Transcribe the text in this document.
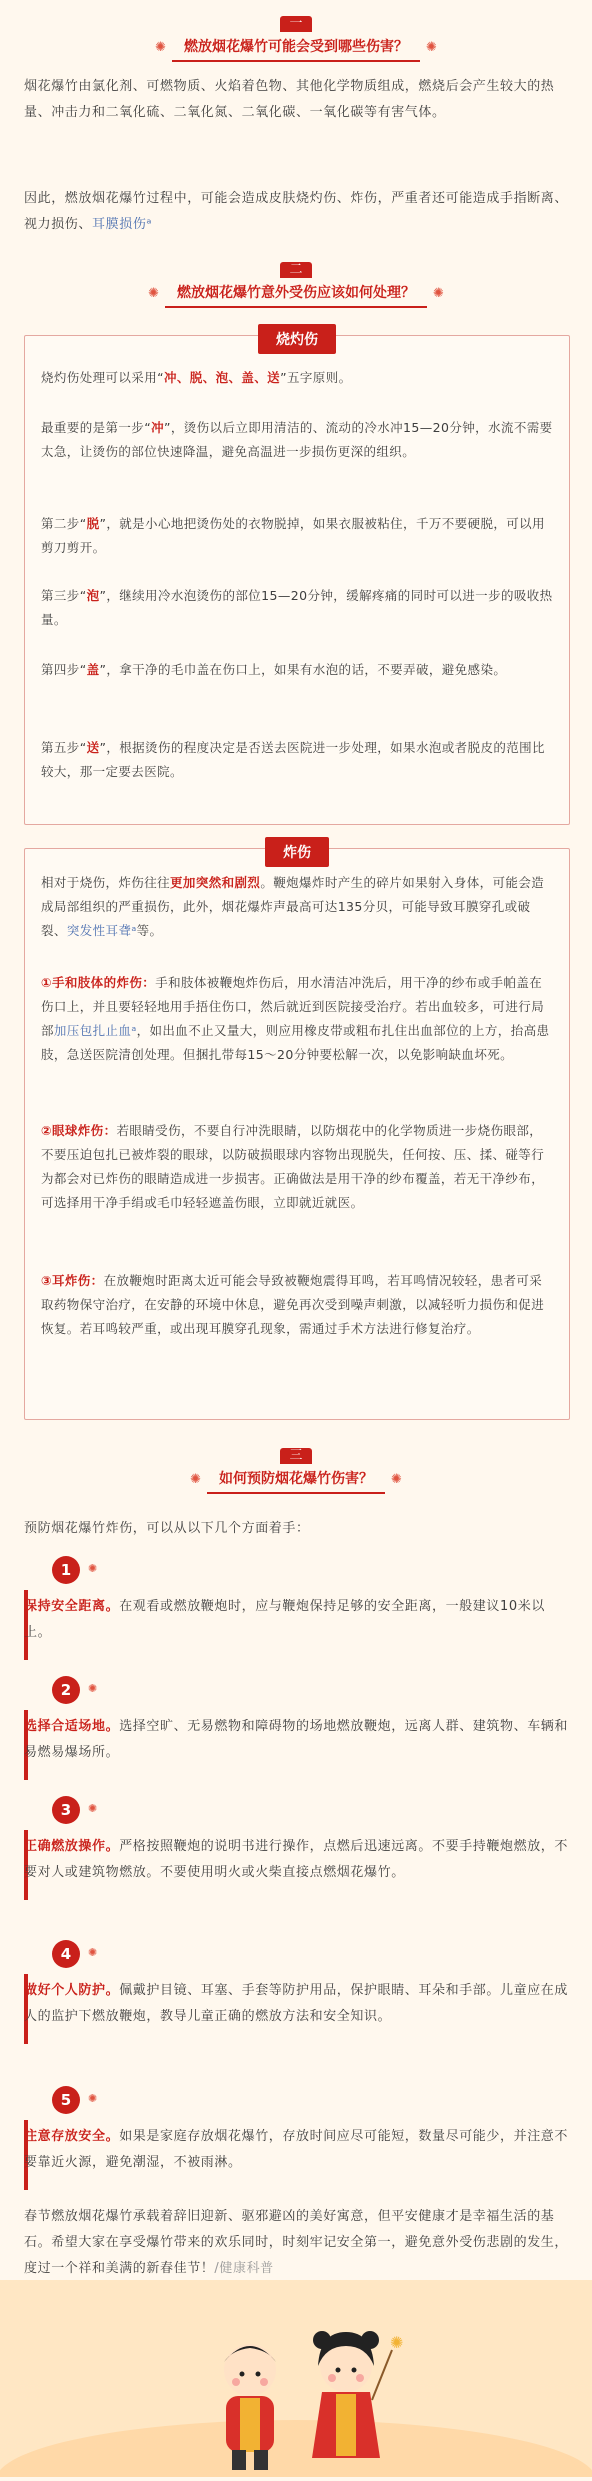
一
✺ 燃放烟花爆竹可能会受到哪些伤害？ ✺

烟花爆竹由氯化剂、可燃物质、火焰着色物、其他化学物质组成，燃烧后会产生较大的热量、冲击力和二氧化硫、二氧化氮、二氧化碳、一氧化碳等有害气体。

因此，燃放烟花爆竹过程中，可能会造成皮肤烧灼伤、炸伤，严重者还可能造成手指断离、视力损伤、耳膜损伤ᵃ

二
✺ 燃放烟花爆竹意外受伤应该如何处理？ ✺
烧灼伤

烧灼伤处理可以采用“冲、脱、泡、盖、送”五字原则。

最重要的是第一步“冲”，烫伤以后立即用清洁的、流动的冷水冲15—20分钟，水流不需要太急，让烫伤的部位快速降温，避免高温进一步损伤更深的组织。

第二步“脱”，就是小心地把烫伤处的衣物脱掉，如果衣服被粘住，千万不要硬脱，可以用剪刀剪开。

第三步“泡”，继续用冷水泡烫伤的部位15—20分钟，缓解疼痛的同时可以进一步的吸收热量。

第四步“盖”，拿干净的毛巾盖在伤口上，如果有水泡的话，不要弄破，避免感染。

第五步“送”，根据烫伤的程度决定是否送去医院进一步处理，如果水泡或者脱皮的范围比较大，那一定要去医院。

炸伤

相对于烧伤，炸伤往往更加突然和剧烈。鞭炮爆炸时产生的碎片如果射入身体，可能会造成局部组织的严重损伤，此外，烟花爆炸声最高可达135分贝，可能导致耳膜穿孔或破裂、突发性耳聋ᵃ等。

①手和肢体的炸伤：手和肢体被鞭炮炸伤后，用水清洁冲洗后，用干净的纱布或手帕盖在伤口上，并且要轻轻地用手捂住伤口，然后就近到医院接受治疗。若出血较多，可进行局部加压包扎止血ᵃ，如出血不止又量大，则应用橡皮带或粗布扎住出血部位的上方，抬高患肢，急送医院清创处理。但捆扎带每15～20分钟要松解一次，以免影响缺血坏死。

②眼球炸伤：若眼睛受伤，不要自行冲洗眼睛，以防烟花中的化学物质进一步烧伤眼部，不要压迫包扎已被炸裂的眼球，以防破损眼球内容物出现脱失，任何按、压、揉、碰等行为都会对已炸伤的眼睛造成进一步损害。正确做法是用干净的纱布覆盖，若无干净纱布，可选择用干净手绢或毛巾轻轻遮盖伤眼，立即就近就医。

③耳炸伤：在放鞭炮时距离太近可能会导致被鞭炮震得耳鸣，若耳鸣情况较轻，患者可采取药物保守治疗，在安静的环境中休息，避免再次受到噪声刺激，以减轻听力损伤和促进恢复。若耳鸣较严重，或出现耳膜穿孔现象，需通过手术方法进行修复治疗。

三
✺ 如何预防烟花爆竹伤害？ ✺

预防烟花爆竹炸伤，可以从以下几个方面着手：

1	✺

保持安全距离。在观看或燃放鞭炮时，应与鞭炮保持足够的安全距离，一般建议10米以上。

2	✺

选择合适场地。选择空旷、无易燃物和障碍物的场地燃放鞭炮，远离人群、建筑物、车辆和易燃易爆场所。

3	✺

正确燃放操作。严格按照鞭炮的说明书进行操作，点燃后迅速远离。不要手持鞭炮燃放，不要对人或建筑物燃放。不要使用明火或火柴直接点燃烟花爆竹。

4	✺

做好个人防护。佩戴护目镜、耳塞、手套等防护用品，保护眼睛、耳朵和手部。儿童应在成人的监护下燃放鞭炮，教导儿童正确的燃放方法和安全知识。

5	✺

注意存放安全。如果是家庭存放烟花爆竹，存放时间应尽可能短，数量尽可能少，并注意不要靠近火源，避免潮湿，不被雨淋。

春节燃放烟花爆竹承载着辞旧迎新、驱邪避凶的美好寓意，但平安健康才是幸福生活的基石。希望大家在享受爆竹带来的欢乐同时，时刻牢记安全第一，避免意外受伤悲剧的发生，度过一个祥和美满的新春佳节！/健康科普

✺
